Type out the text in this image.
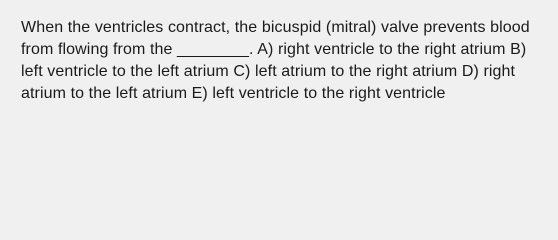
When the ventricles contract, the bicuspid (mitral) valve prevents blood from flowing from the ________. A) right ventricle to the right atrium B) left ventricle to the left atrium C) left atrium to the right atrium D) right atrium to the left atrium E) left ventricle to the right ventricle
